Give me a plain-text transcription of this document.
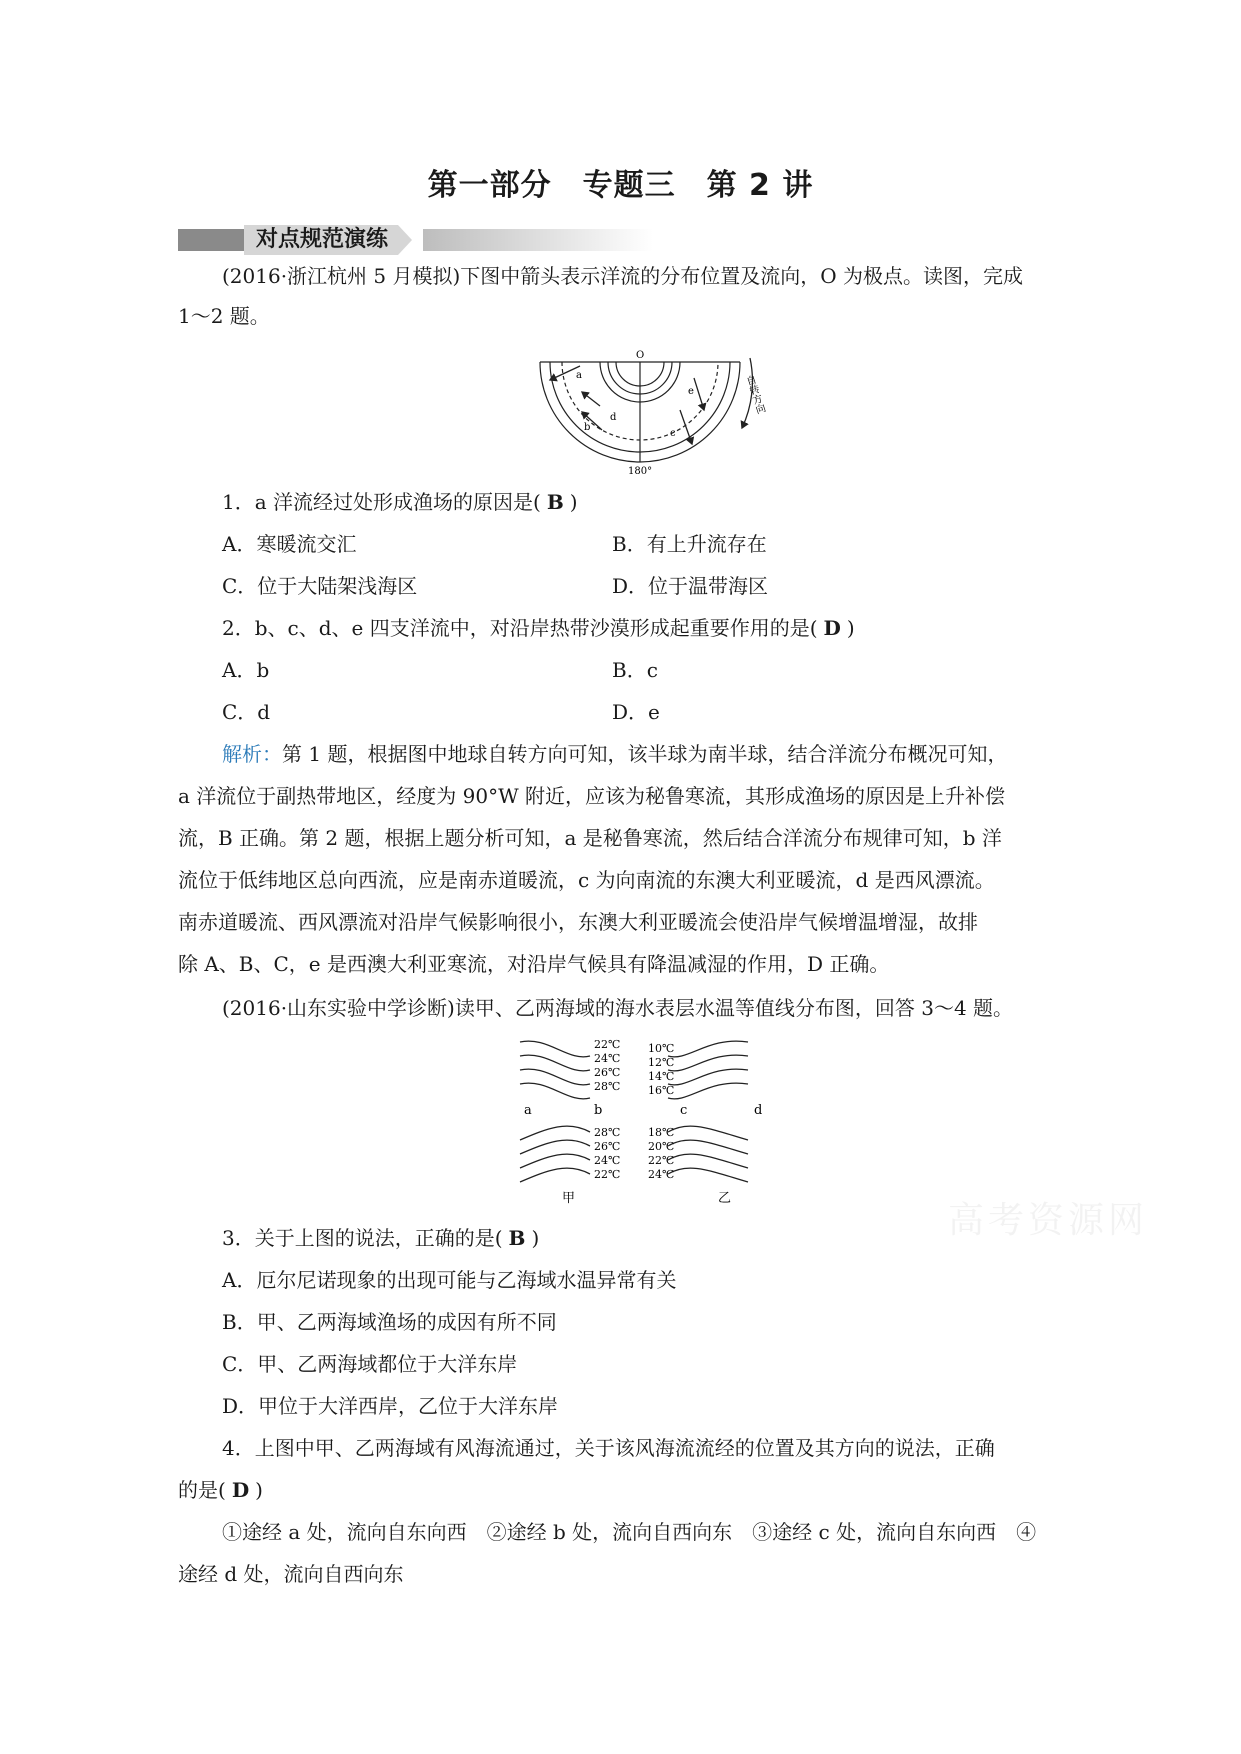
第一部分　专题三　第 2 讲
对点规范演练
(2016·浙江杭州 5 月模拟)下图中箭头表示洋流的分布位置及流向，O 为极点。读图，完成
1～2 题。
O
180°
a
b
c
d
e	自转方向
1．a 洋流经过处形成渔场的原因是( B )
A．寒暖流交汇	B．有上升流存在
C．位于大陆架浅海区	D．位于温带海区
2．b、c、d、e 四支洋流中，对沿岸热带沙漠形成起重要作用的是( D )
A．b	B．c
C．d	D．e
解析：第 1 题，根据图中地球自转方向可知，该半球为南半球，结合洋流分布概况可知，
a 洋流位于副热带地区，经度为 90°W 附近，应该为秘鲁寒流，其形成渔场的原因是上升补偿
流，B 正确。第 2 题，根据上题分析可知，a 是秘鲁寒流，然后结合洋流分布规律可知，b 洋
流位于低纬地区总向西流，应是南赤道暖流，c 为向南流的东澳大利亚暖流，d 是西风漂流。
南赤道暖流、西风漂流对沿岸气候影响很小，东澳大利亚暖流会使沿岸气候增温增湿，故排
除 A、B、C，e 是西澳大利亚寒流，对沿岸气候具有降温减湿的作用，D 正确。
(2016·山东实验中学诊断)读甲、乙两海域的海水表层水温等值线分布图，回答 3～4 题。
22℃
24℃
26℃
28℃
28℃
26℃
24℃
22℃
10℃
12℃
14℃
16℃
18℃
20℃
22℃
24℃
a	b	c	d
甲	乙
高考资源网
3．关于上图的说法，正确的是( B )
A．厄尔尼诺现象的出现可能与乙海域水温异常有关
B．甲、乙两海域渔场的成因有所不同
C．甲、乙两海域都位于大洋东岸
D．甲位于大洋西岸，乙位于大洋东岸
4．上图中甲、乙两海域有风海流通过，关于该风海流流经的位置及其方向的说法，正确
的是( D )
①途经 a 处，流向自东向西　②途经 b 处，流向自西向东　③途经 c 处，流向自东向西　④
途经 d 处，流向自西向东
